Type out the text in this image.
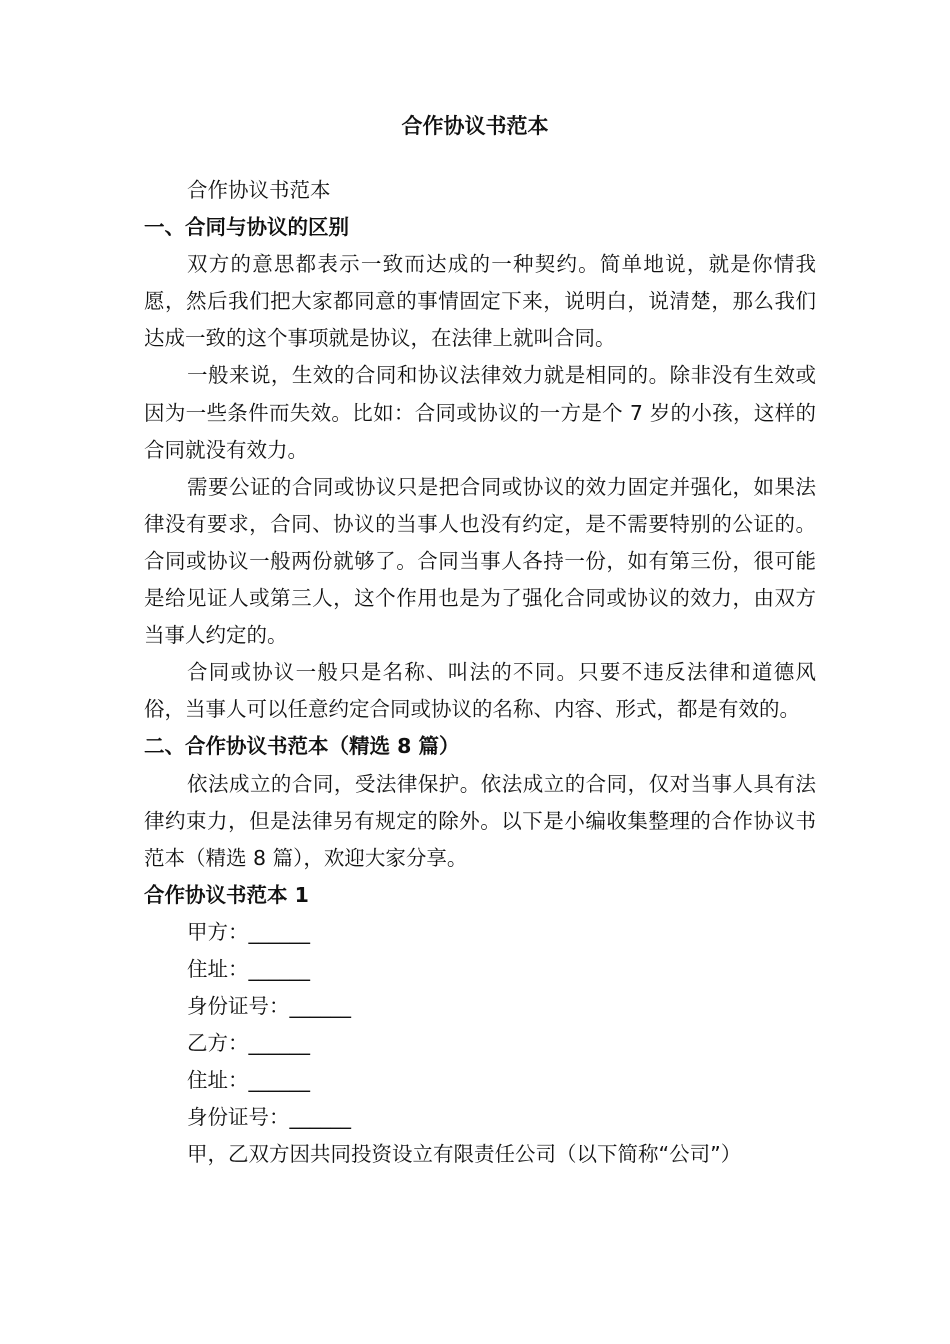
合作协议书范本
合作协议书范本
一、合同与协议的区别

双方的意思都表示一致而达成的一种契约。简单地说，就是你情我愿，然后我们把大家都同意的事情固定下来，说明白，说清楚，那么我们达成一致的这个事项就是协议，在法律上就叫合同。

一般来说，生效的合同和协议法律效力就是相同的。除非没有生效或因为一些条件而失效。比如：合同或协议的一方是个 7 岁的小孩，这样的合同就没有效力。

需要公证的合同或协议只是把合同或协议的效力固定并强化，如果法律没有要求，合同、协议的当事人也没有约定，是不需要特别的公证的。合同或协议一般两份就够了。合同当事人各持一份，如有第三份，很可能是给见证人或第三人，这个作用也是为了强化合同或协议的效力，由双方当事人约定的。

合同或协议一般只是名称、叫法的不同。只要不违反法律和道德风俗，当事人可以任意约定合同或协议的名称、内容、形式，都是有效的。

二、合作协议书范本（精选 8 篇）

依法成立的合同，受法律保护。依法成立的合同，仅对当事人具有法律约束力，但是法律另有规定的除外。以下是小编收集整理的合作协议书范本（精选 8 篇），欢迎大家分享。

合作协议书范本 1
甲方：______
住址：______
身份证号：______
乙方：______
住址：______
身份证号：______
甲，乙双方因共同投资设立有限责任公司（以下简称“公司”）
